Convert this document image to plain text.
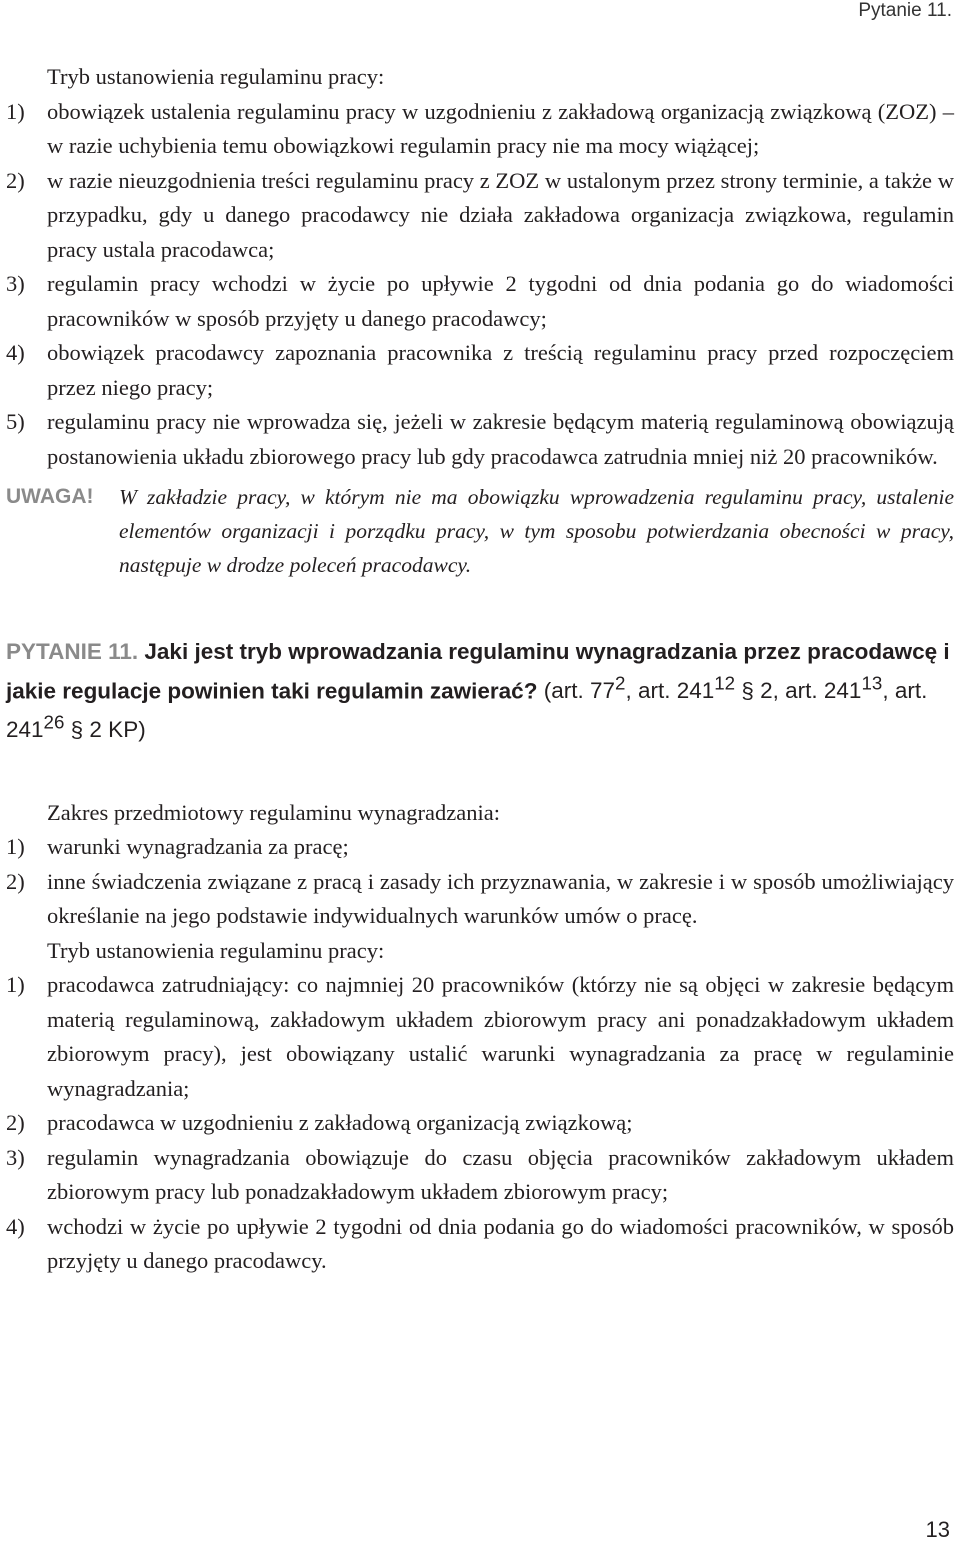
Pytanie 11.
Tryb ustanowienia regulaminu pracy:
1) obowiązek ustalenia regulaminu pracy w uzgodnieniu z zakładową organizacją związkową (ZOZ) – w razie uchybienia temu obowiązkowi regulamin pracy nie ma mocy wiążącej;
2) w razie nieuzgodnienia treści regulaminu pracy z ZOZ w ustalonym przez strony terminie, a także w przypadku, gdy u danego pracodawcy nie działa zakładowa organizacja związkowa, regulamin pracy ustala pracodawca;
3) regulamin pracy wchodzi w życie po upływie 2 tygodni od dnia podania go do wiadomości pracowników w sposób przyjęty u danego pracodawcy;
4) obowiązek pracodawcy zapoznania pracownika z treścią regulaminu pracy przed rozpoczęciem przez niego pracy;
5) regulaminu pracy nie wprowadza się, jeżeli w zakresie będącym materią regulaminową obowiązują postanowienia układu zbiorowego pracy lub gdy pracodawca zatrudnia mniej niż 20 pracowników.
UWAGA!	W zakładzie pracy, w którym nie ma obowiązku wprowadzenia regulaminu pracy, ustalenie elementów organizacji i porządku pracy, w tym sposobu potwierdzania obecności w pracy, następuje w drodze poleceń pracodawcy.
PYTANIE 11. Jaki jest tryb wprowadzania regulaminu wynagradzania przez pracodawcę i jakie regulacje powinien taki regulamin zawierać? (art. $77^2$, art. $241^{12}$ § 2, art. $241^{13}$, art. $241^{26}$ § 2 KP)
Zakres przedmiotowy regulaminu wynagradzania:
1) warunki wynagradzania za pracę;
2) inne świadczenia związane z pracą i zasady ich przyznawania, w zakresie i w sposób umożliwiający określanie na jego podstawie indywidualnych warunków umów o pracę.
Tryb ustanowienia regulaminu pracy:
1) pracodawca zatrudniający: co najmniej 20 pracowników (którzy nie są objęci w zakresie będącym materią regulaminową, zakładowym układem zbiorowym pracy ani ponadzakładowym układem zbiorowym pracy), jest obowiązany ustalić warunki wynagradzania za pracę w regulaminie wynagradzania;
2) pracodawca w uzgodnieniu z zakładową organizacją związkową;
3) regulamin wynagradzania obowiązuje do czasu objęcia pracowników zakładowym układem zbiorowym pracy lub ponadzakładowym układem zbiorowym pracy;
4) wchodzi w życie po upływie 2 tygodni od dnia podania go do wiadomości pracowników, w sposób przyjęty u danego pracodawcy.
13
